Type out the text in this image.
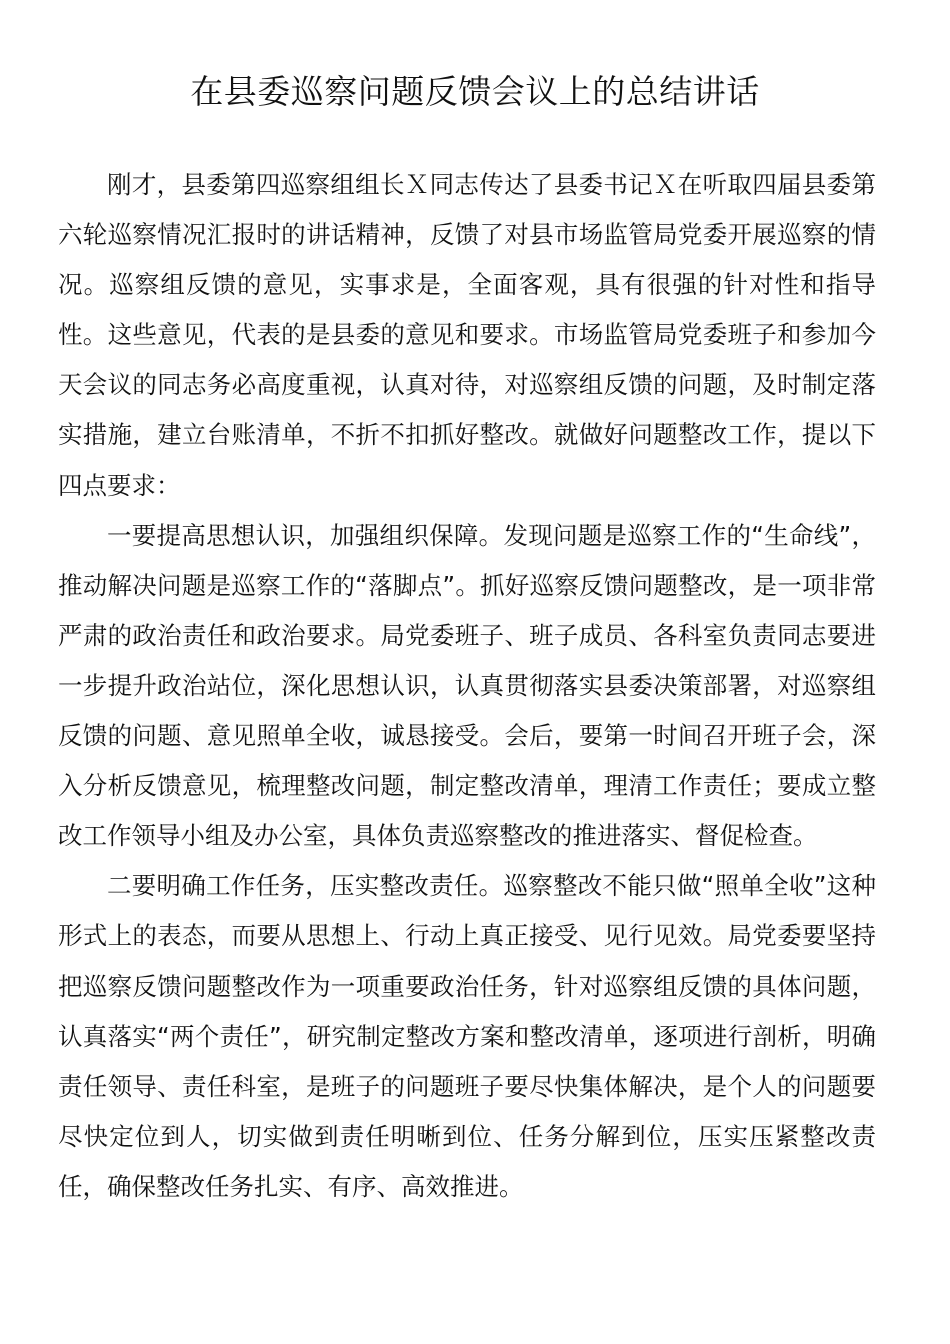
在县委巡察问题反馈会议上的总结讲话

刚才，县委第四巡察组组长Ｘ同志传达了县委书记Ｘ在听取四届县委第六轮巡察情况汇报时的讲话精神，反馈了对县市场监管局党委开展巡察的情况。巡察组反馈的意见，实事求是，全面客观，具有很强的针对性和指导性。这些意见，代表的是县委的意见和要求。市场监管局党委班子和参加今天会议的同志务必高度重视，认真对待，对巡察组反馈的问题，及时制定落实措施，建立台账清单，不折不扣抓好整改。就做好问题整改工作，提以下四点要求：

一要提高思想认识，加强组织保障。发现问题是巡察工作的“生命线”，推动解决问题是巡察工作的“落脚点”。抓好巡察反馈问题整改，是一项非常严肃的政治责任和政治要求。局党委班子、班子成员、各科室负责同志要进一步提升政治站位，深化思想认识，认真贯彻落实县委决策部署，对巡察组反馈的问题、意见照单全收，诚恳接受。会后，要第一时间召开班子会，深入分析反馈意见，梳理整改问题，制定整改清单，理清工作责任；要成立整改工作领导小组及办公室，具体负责巡察整改的推进落实、督促检查。

二要明确工作任务，压实整改责任。巡察整改不能只做“照单全收”这种形式上的表态，而要从思想上、行动上真正接受、见行见效。局党委要坚持把巡察反馈问题整改作为一项重要政治任务，针对巡察组反馈的具体问题，认真落实“两个责任”，研究制定整改方案和整改清单，逐项进行剖析，明确责任领导、责任科室，是班子的问题班子要尽快集体解决，是个人的问题要尽快定位到人，切实做到责任明晰到位、任务分解到位，压实压紧整改责任，确保整改任务扎实、有序、高效推进。
